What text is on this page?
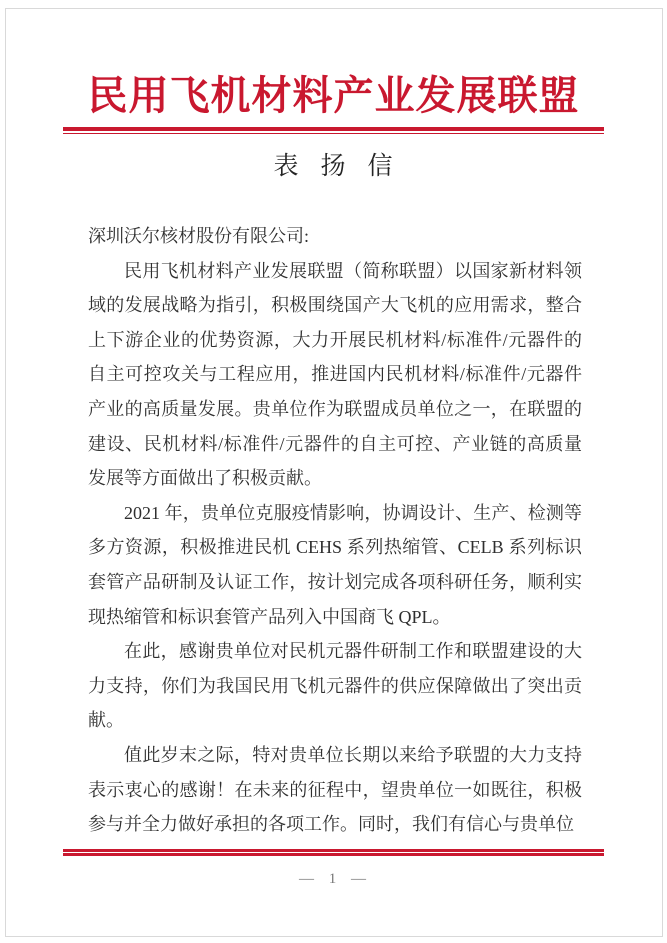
民用飞机材料产业发展联盟
表 扬 信

深圳沃尔核材股份有限公司:

民用飞机材料产业发展联盟（简称联盟）以国家新材料领域的发展战略为指引，积极围绕国产大飞机的应用需求，整合上下游企业的优势资源，大力开展民机材料/标准件/元器件的自主可控攻关与工程应用，推进国内民机材料/标准件/元器件产业的高质量发展。贵单位作为联盟成员单位之一，在联盟的建设、民机材料/标准件/元器件的自主可控、产业链的高质量发展等方面做出了积极贡献。

2021 年，贵单位克服疫情影响，协调设计、生产、检测等多方资源，积极推进民机 CEHS 系列热缩管、CELB 系列标识套管产品研制及认证工作，按计划完成各项科研任务，顺利实现热缩管和标识套管产品列入中国商飞 QPL。

在此，感谢贵单位对民机元器件研制工作和联盟建设的大力支持，你们为我国民用飞机元器件的供应保障做出了突出贡献。

值此岁末之际，特对贵单位长期以来给予联盟的大力支持表示衷心的感谢！在未来的征程中，望贵单位一如既往，积极参与并全力做好承担的各项工作。同时，我们有信心与贵单位

— 1 —
